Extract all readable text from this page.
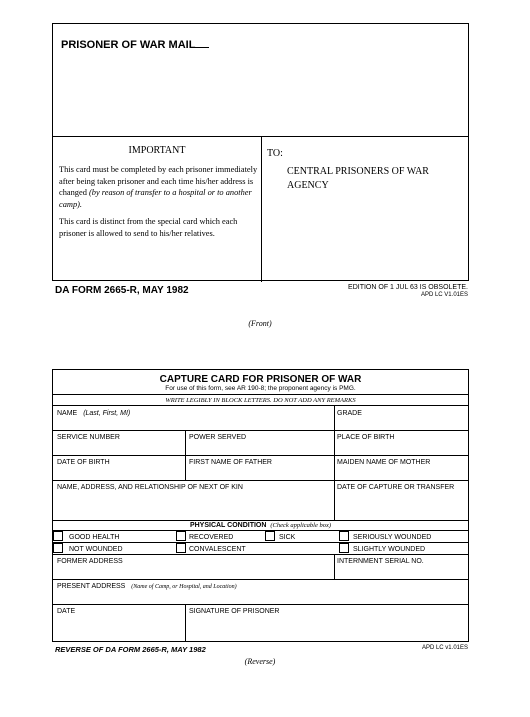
PRISONER OF WAR MAIL
IMPORTANT
This card must be completed by each prisoner immediately after being taken prisoner and each time his/her address is changed (by reason of transfer to a hospital or to another camp).
This card is distinct from the special card which each prisoner is allowed to send to his/her relatives.
TO:
CENTRAL PRISONERS OF WAR AGENCY
DA FORM 2665-R, MAY 1982	EDITION OF 1 JUL 63 IS OBSOLETE.
APD LC V1.01ES
(Front)
CAPTURE CARD FOR PRISONER OF WAR
For use of this form, see AR 190-8; the proponent agency is PMG.
WRITE LEGIBLY IN BLOCK LETTERS. DO NOT ADD ANY REMARKS
NAME (Last, First, MI)	GRADE
SERVICE NUMBER	POWER SERVED	PLACE OF BIRTH
DATE OF BIRTH	FIRST NAME OF FATHER	MAIDEN NAME OF MOTHER
NAME, ADDRESS, AND RELATIONSHIP OF NEXT OF KIN	DATE OF CAPTURE OR TRANSFER
PHYSICAL CONDITION (Check applicable box)
GOOD HEALTH	RECOVERED	SICK	SERIOUSLY WOUNDED
NOT WOUNDED	CONVALESCENT	SLIGHTLY WOUNDED
FORMER ADDRESS	INTERNMENT SERIAL NO.
PRESENT ADDRESS (Name of Camp, or Hospital, and Location)
DATE	SIGNATURE OF PRISONER
REVERSE OF DA FORM 2665-R, MAY 1982	APD LC v1.01ES
(Reverse)
